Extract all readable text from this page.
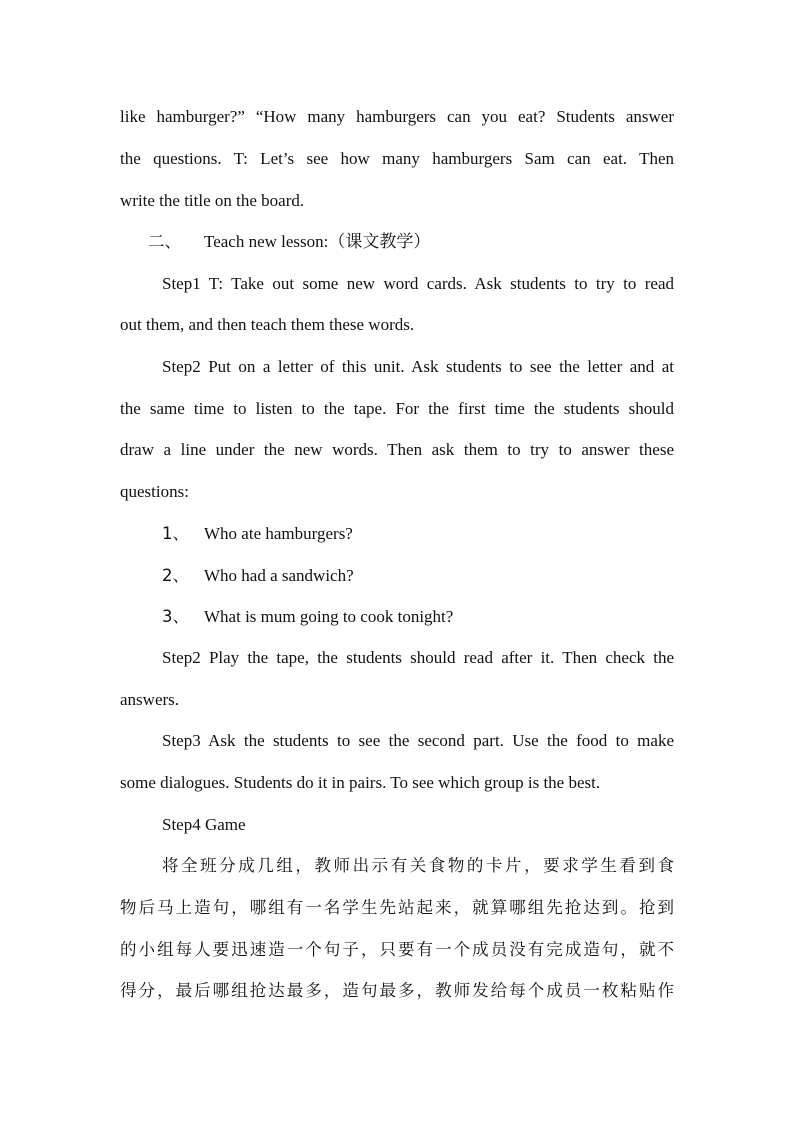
like hamburger?” “How many hamburgers can you eat? Students answer
the questions. T: Let’s see how many hamburgers Sam can eat. Then
write the title on the board.
二、 Teach new lesson:（课文教学）
Step1 T: Take out some new word cards. Ask students to try to read
out them, and then teach them these words.
Step2 Put on a letter of this unit. Ask students to see the letter and at
the same time to listen to the tape. For the first time the students should
draw a line under the new words. Then ask them to try to answer these
questions:
1、 Who ate hamburgers?
2、 Who had a sandwich?
3、 What is mum going to cook tonight?
Step2 Play the tape, the students should read after it. Then check the
answers.
Step3 Ask the students to see the second part. Use the food to make
some dialogues. Students do it in pairs. To see which group is the best.
Step4 Game
将全班分成几组，教师出示有关食物的卡片，要求学生看到食
物后马上造句，哪组有一名学生先站起来，就算哪组先抢达到。抢到
的小组每人要迅速造一个句子，只要有一个成员没有完成造句，就不
得分，最后哪组抢达最多，造句最多，教师发给每个成员一枚粘贴作
